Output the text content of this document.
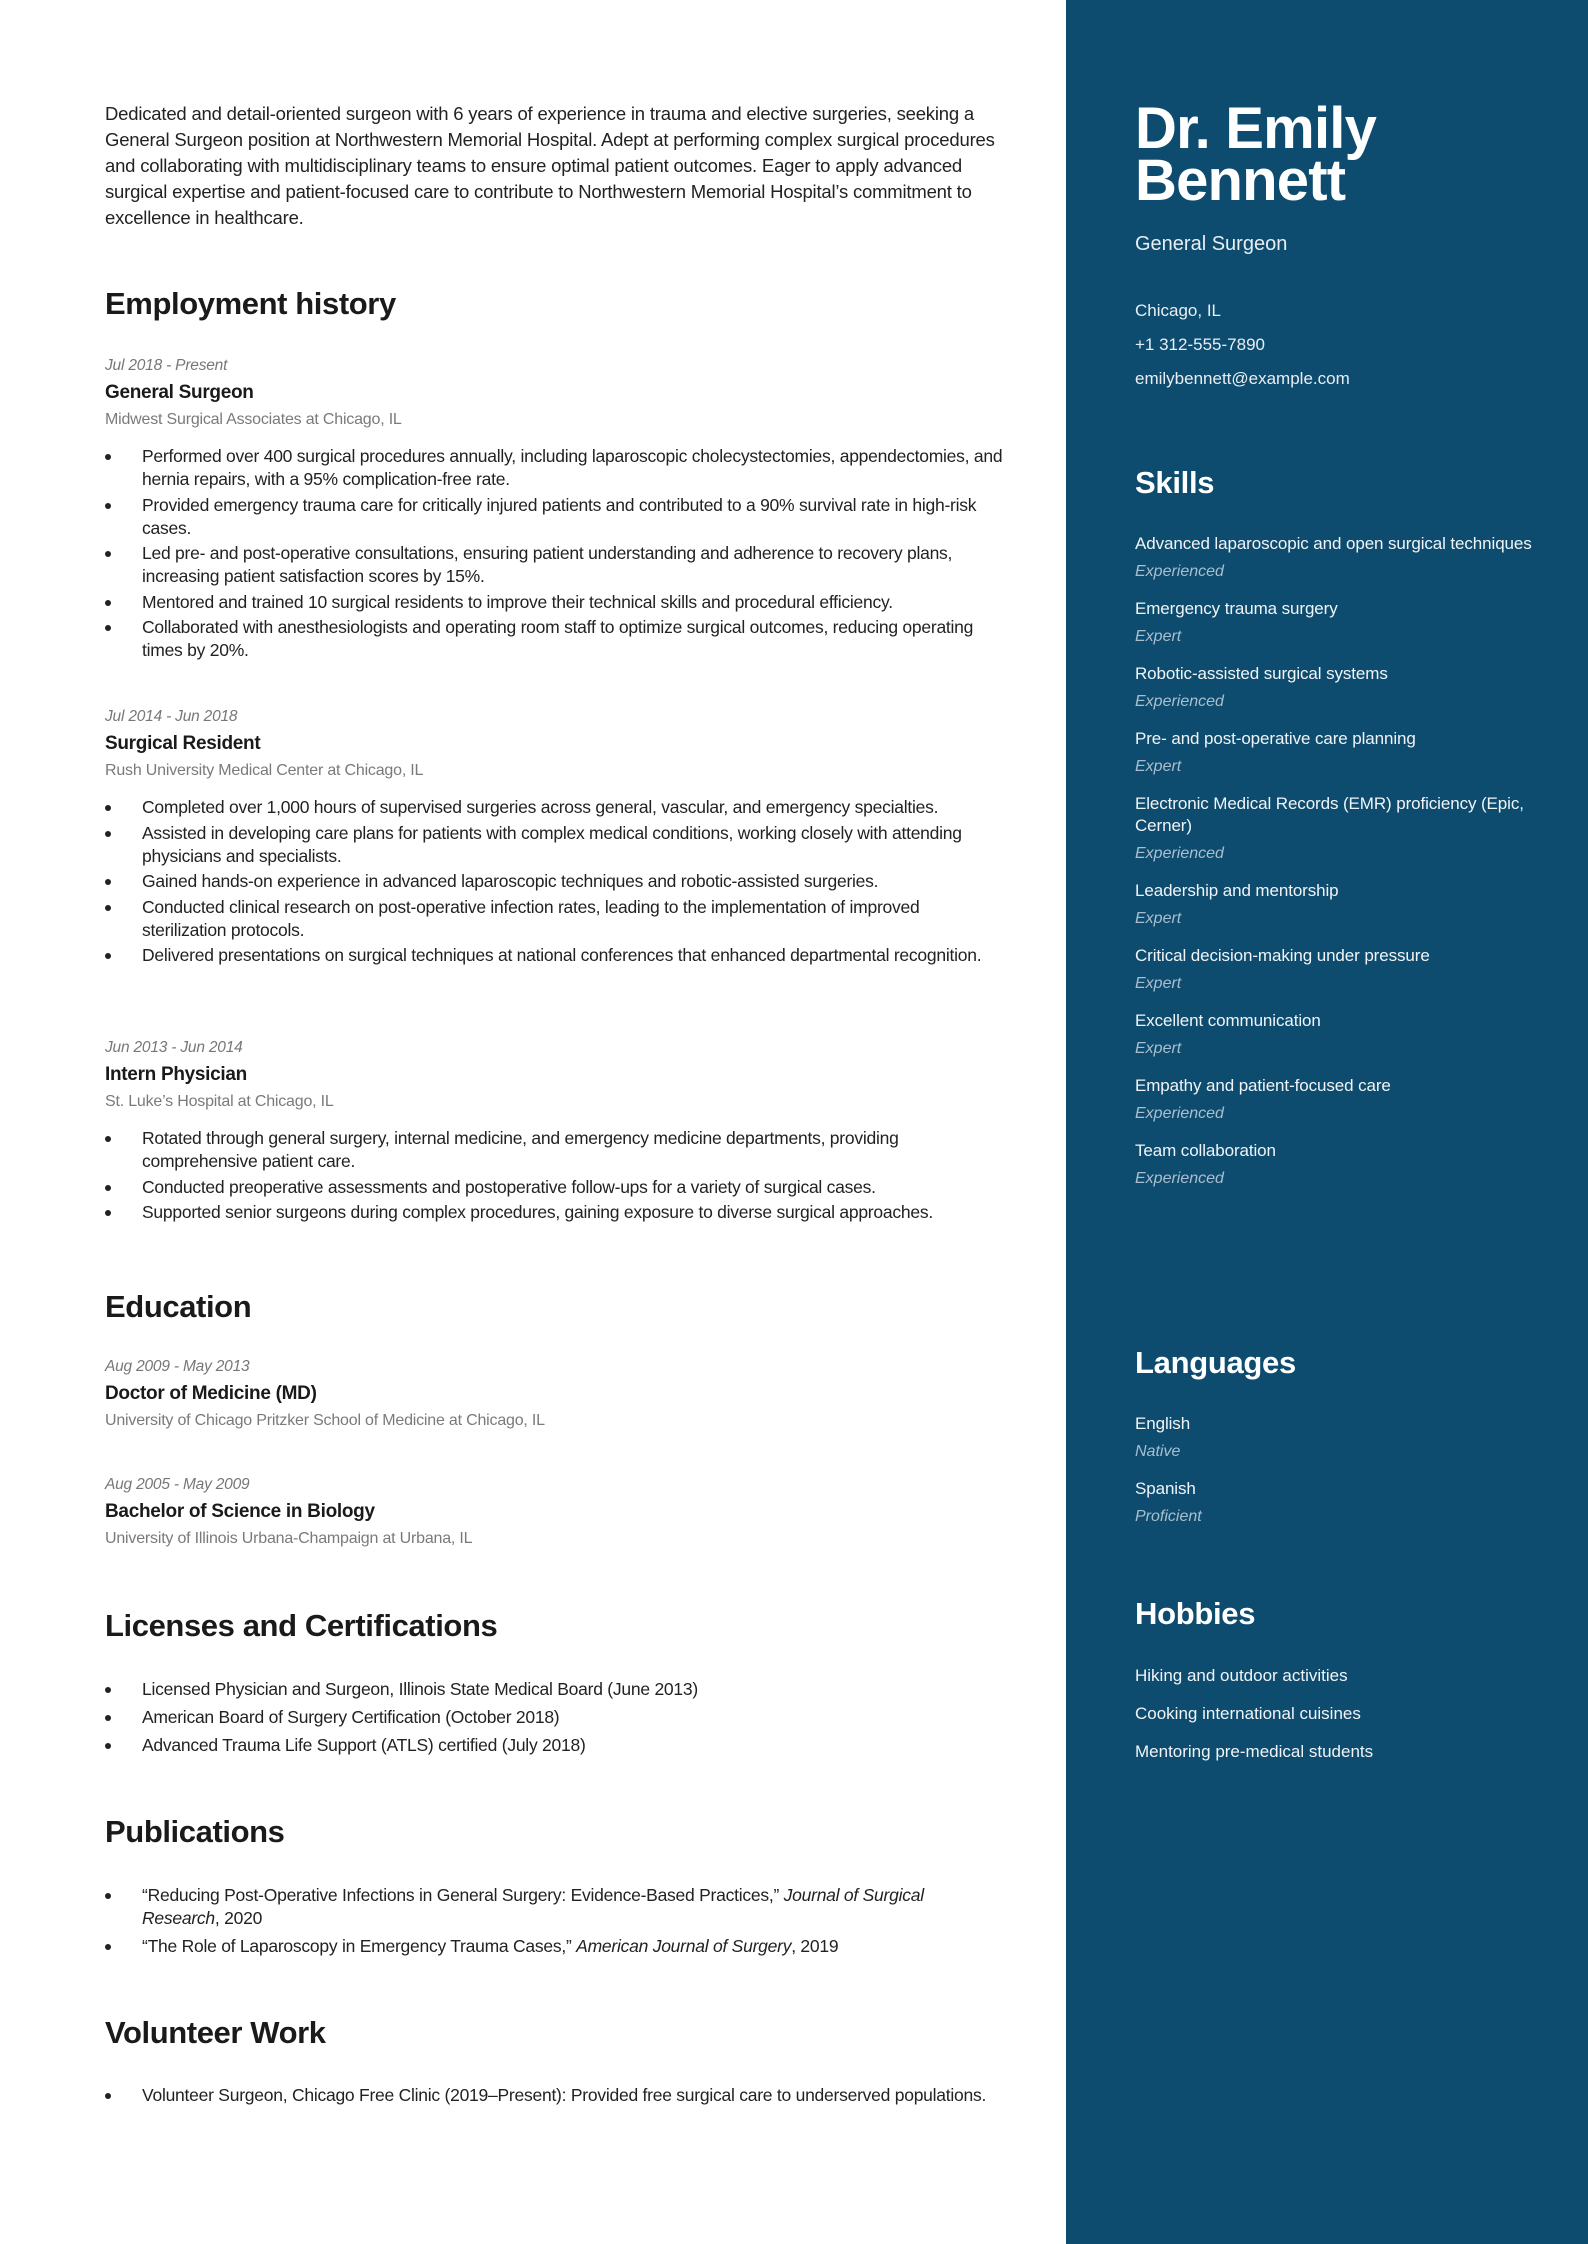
Dedicated and detail-oriented surgeon with 6 years of experience in trauma and elective surgeries, seeking a General Surgeon position at Northwestern Memorial Hospital. Adept at performing complex surgical procedures and collaborating with multidisciplinary teams to ensure optimal patient outcomes. Eager to apply advanced surgical expertise and patient-focused care to contribute to Northwestern Memorial Hospital’s commitment to excellence in healthcare.

Employment history
Jul 2018 - Present
General Surgeon
Midwest Surgical Associates at Chicago, IL
Performed over 400 surgical procedures annually, including laparoscopic cholecystectomies, appendectomies, and hernia repairs, with a 95% complication-free rate.
Provided emergency trauma care for critically injured patients and contributed to a 90% survival rate in high-risk cases.
Led pre- and post-operative consultations, ensuring patient understanding and adherence to recovery plans, increasing patient satisfaction scores by 15%.
Mentored and trained 10 surgical residents to improve their technical skills and procedural efficiency.
Collaborated with anesthesiologists and operating room staff to optimize surgical outcomes, reducing operating times by 20%.
Jul 2014 - Jun 2018
Surgical Resident
Rush University Medical Center at Chicago, IL
Completed over 1,000 hours of supervised surgeries across general, vascular, and emergency specialties.
Assisted in developing care plans for patients with complex medical conditions, working closely with attending physicians and specialists.
Gained hands-on experience in advanced laparoscopic techniques and robotic-assisted surgeries.
Conducted clinical research on post-operative infection rates, leading to the implementation of improved sterilization protocols.
Delivered presentations on surgical techniques at national conferences that enhanced departmental recognition.
Jun 2013 - Jun 2014
Intern Physician
St. Luke’s Hospital at Chicago, IL
Rotated through general surgery, internal medicine, and emergency medicine departments, providing comprehensive patient care.
Conducted preoperative assessments and postoperative follow-ups for a variety of surgical cases.
Supported senior surgeons during complex procedures, gaining exposure to diverse surgical approaches.
Education
Aug 2009 - May 2013
Doctor of Medicine (MD)
University of Chicago Pritzker School of Medicine at Chicago, IL
Aug 2005 - May 2009
Bachelor of Science in Biology
University of Illinois Urbana-Champaign at Urbana, IL
Licenses and Certifications
Licensed Physician and Surgeon, Illinois State Medical Board (June 2013)
American Board of Surgery Certification (October 2018)
Advanced Trauma Life Support (ATLS) certified (July 2018)
Publications
“Reducing Post-Operative Infections in General Surgery: Evidence-Based Practices,” Journal of Surgical Research, 2020
“The Role of Laparoscopy in Emergency Trauma Cases,” American Journal of Surgery, 2019
Volunteer Work
Volunteer Surgeon, Chicago Free Clinic (2019–Present): Provided free surgical care to underserved populations.
Dr. Emily
Bennett
General Surgeon
Chicago, IL
+1 312-555-7890
emilybennett@example.com
Skills
Advanced laparoscopic and open surgical techniques
Experienced
Emergency trauma surgery
Expert
Robotic-assisted surgical systems
Experienced
Pre- and post-operative care planning
Expert
Electronic Medical Records (EMR) proficiency (Epic, Cerner)
Experienced
Leadership and mentorship
Expert
Critical decision-making under pressure
Expert
Excellent communication
Expert
Empathy and patient-focused care
Experienced
Team collaboration
Experienced
Languages
English
Native
Spanish
Proficient
Hobbies
Hiking and outdoor activities
Cooking international cuisines
Mentoring pre-medical students
